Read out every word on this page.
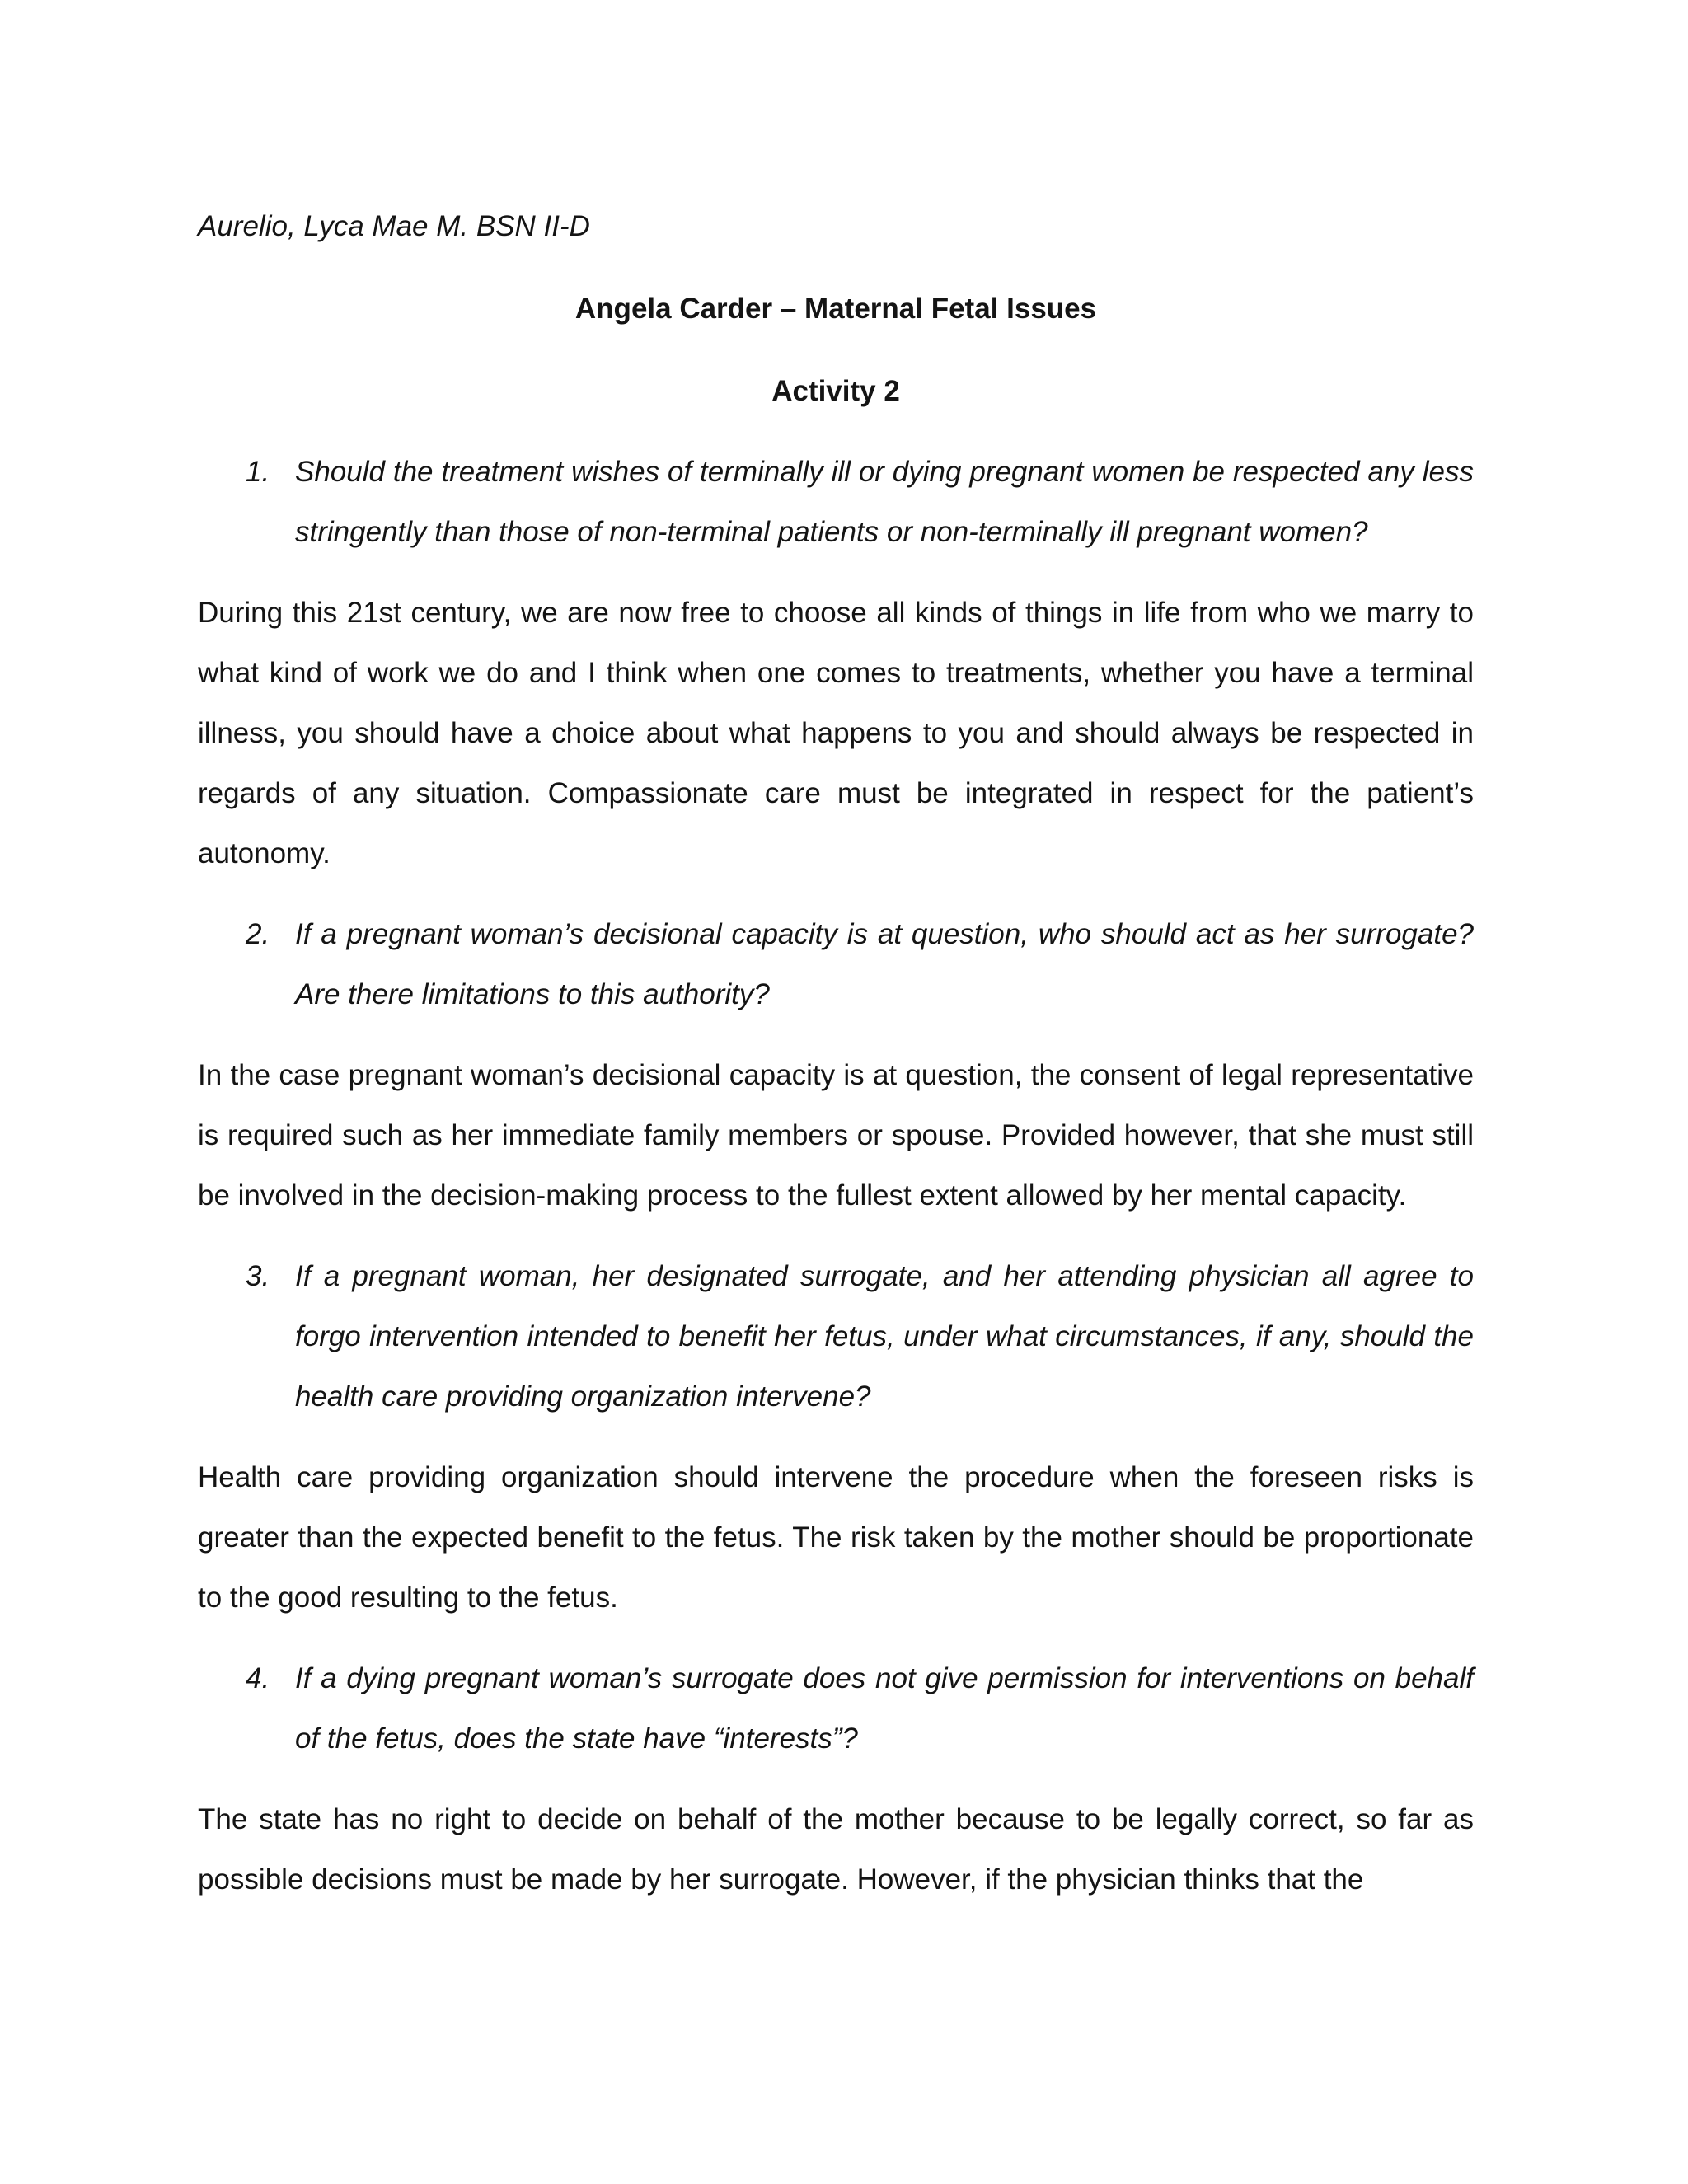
Aurelio, Lyca Mae M. BSN II-D

Angela Carder – Maternal Fetal Issues

Activity 2

1. Should the treatment wishes of terminally ill or dying pregnant women be respected any less stringently than those of non-terminal patients or non-terminally ill pregnant women?

During this 21st century, we are now free to choose all kinds of things in life from who we marry to what kind of work we do and I think when one comes to treatments, whether you have a terminal illness, you should have a choice about what happens to you and should always be respected in regards of any situation. Compassionate care must be integrated in respect for the patient’s autonomy.

2. If a pregnant woman’s decisional capacity is at question, who should act as her surrogate? Are there limitations to this authority?

In the case pregnant woman’s decisional capacity is at question, the consent of legal representative is required such as her immediate family members or spouse. Provided however, that she must still be involved in the decision-making process to the fullest extent allowed by her mental capacity.

3. If a pregnant woman, her designated surrogate, and her attending physician all agree to forgo intervention intended to benefit her fetus, under what circumstances, if any, should the health care providing organization intervene?

Health care providing organization should intervene the procedure when the foreseen risks is greater than the expected benefit to the fetus. The risk taken by the mother should be proportionate to the good resulting to the fetus.

4. If a dying pregnant woman’s surrogate does not give permission for interventions on behalf of the fetus, does the state have “interests”?

The state has no right to decide on behalf of the mother because to be legally correct, so far as possible decisions must be made by her surrogate. However, if the physician thinks that the
